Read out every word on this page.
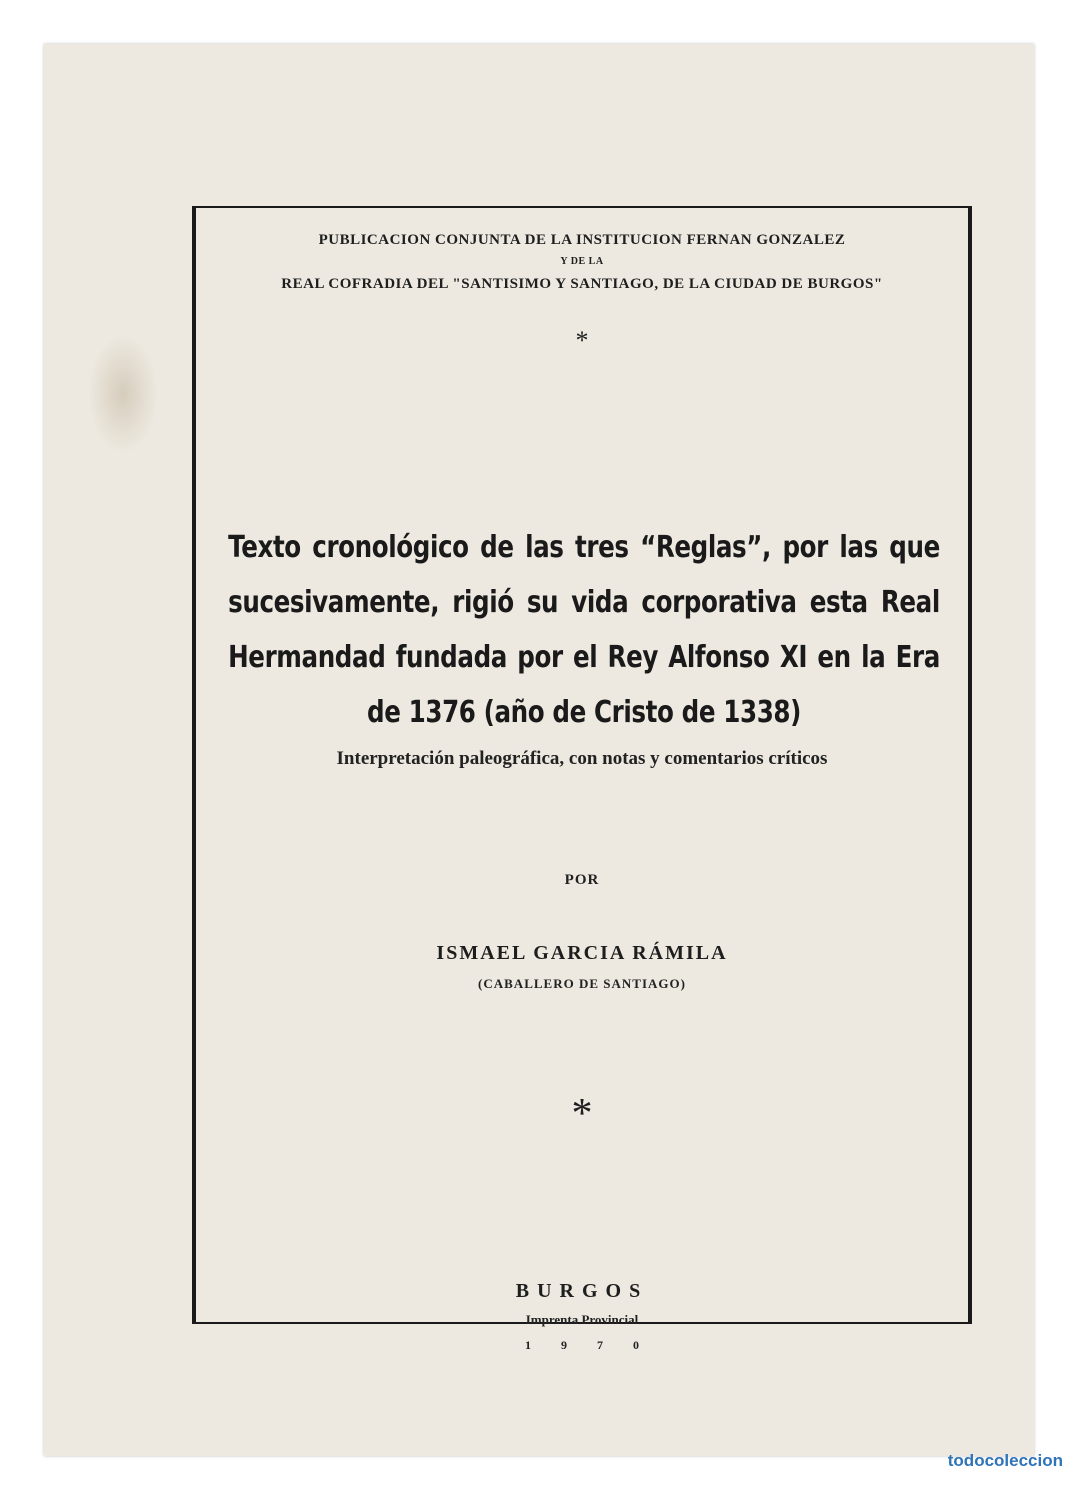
PUBLICACION CONJUNTA DE LA INSTITUCION FERNAN GONZALEZ
Y DE LA
REAL COFRADIA DEL "SANTISIMO Y SANTIAGO, DE LA CIUDAD DE BURGOS"
*
Texto cronológico de las tres “Reglas”, por las que sucesivamente, rigió su vida corporativa esta Real Hermandad fundada por el Rey Alfonso XI en la Era de 1376 (año de Cristo de 1338)
Interpretación paleográfica, con notas y comentarios críticos
POR
ISMAEL GARCIA RÁMILA
(CABALLERO DE SANTIAGO)
*
BURGOS
Imprenta Provincial
1970
todocoleccion
